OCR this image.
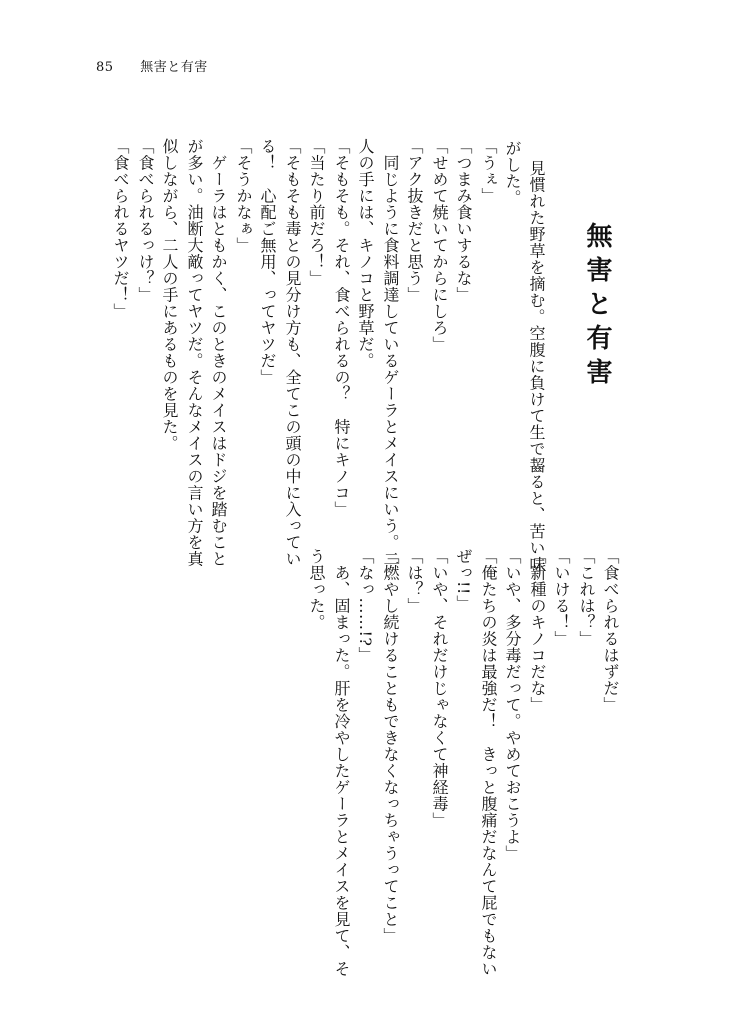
85 無害と有害
無害と有害
見慣れた野草を摘む。空腹に負けて生で齧ると、苦い味
がした。
「うぇ」
「つまみ食いするな」
「せめて焼いてからにしろ」
「アク抜きだと思う」
　同じように食料調達しているゲーラとメイスにいう。二
人の手には、キノコと野草だ。
「そもそも。それ、食べられるの？　特にキノコ」
「当たり前だろ！」
「そもそも毒との見分け方も、全てこの頭の中に入ってい
る！　心配ご無用、ってヤツだ」
「そうかなぁ」
　ゲーラはともかく、このときのメイスはドジを踏むこと
が多い。油断大敵ってヤツだ。そんなメイスの言い方を真
似しながら、二人の手にあるものを見た。
「食べられるっけ？」
「食べられるヤツだ！」
「食べられるはずだ」
「これは？」
「いける！」
「新種のキノコだな」
「いや、多分毒だって。やめておこうよ」
「俺たちの炎は最強だ！　きっと腹痛だなんて屁でもない
ぜっ!!」
「いや、それだけじゃなくて神経毒」
「は？」
「燃やし続けることもできなくなっちゃうってこと」
「なっ……!?」
　あ、固まった。肝を冷やしたゲーラとメイスを見て、そ
う思った。
